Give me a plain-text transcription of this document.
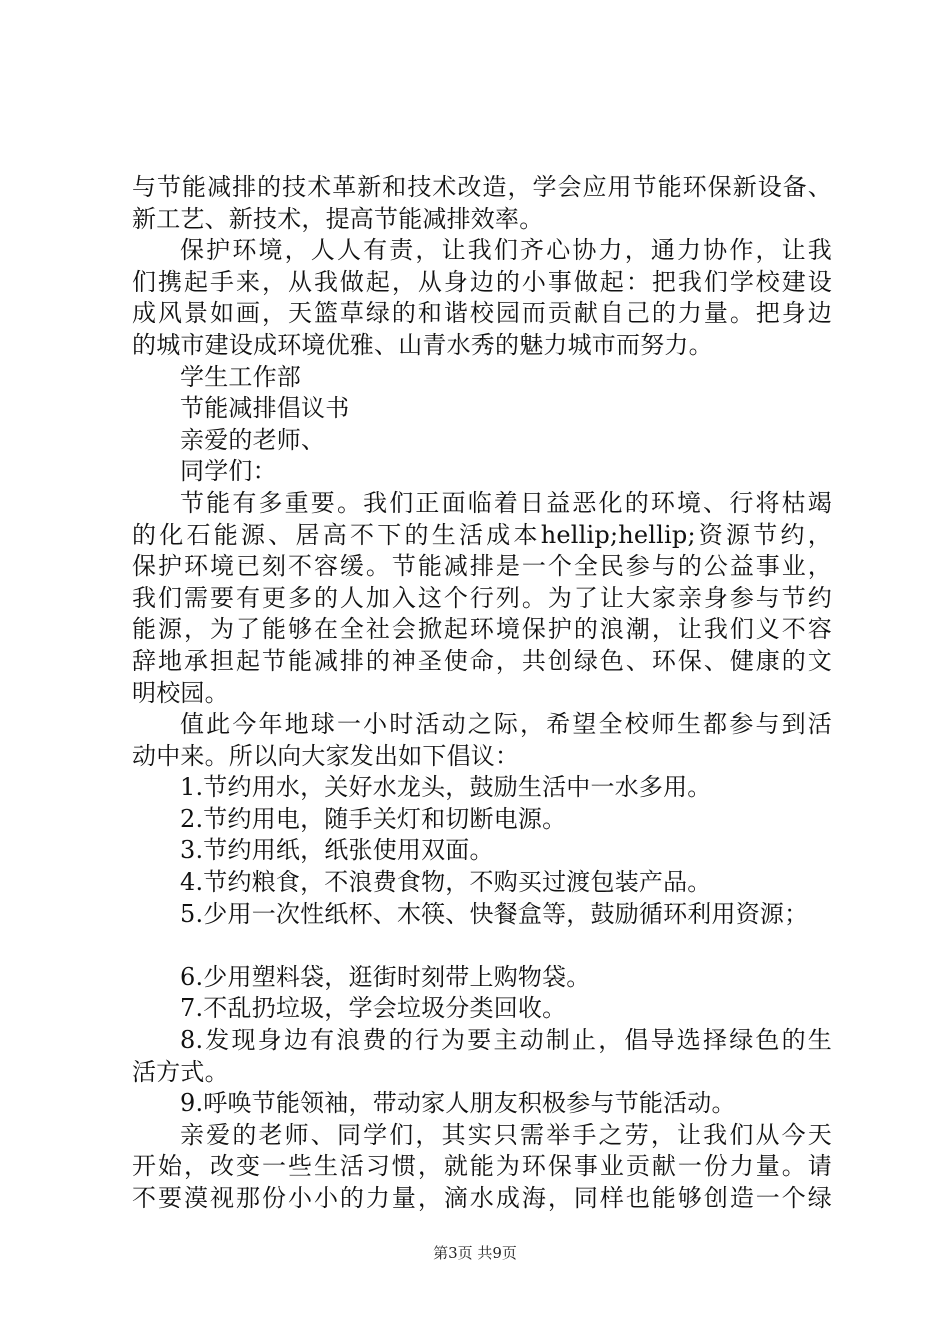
与节能减排的技术革新和技术改造，学会应用节能环保新设备、
新工艺、新技术，提高节能减排效率。
保护环境，人人有责，让我们齐心协力，通力协作，让我
们携起手来，从我做起，从身边的小事做起：把我们学校建设
成风景如画，天篮草绿的和谐校园而贡献自己的力量。把身边
的城市建设成环境优雅、山青水秀的魅力城市而努力。
学生工作部
节能减排倡议书
亲爱的老师、
同学们：
节能有多重要。我们正面临着日益恶化的环境、行将枯竭
的化石能源、居高不下的生活成本hellip;hellip;资源节约，
保护环境已刻不容缓。节能减排是一个全民参与的公益事业，
我们需要有更多的人加入这个行列。为了让大家亲身参与节约
能源，为了能够在全社会掀起环境保护的浪潮，让我们义不容
辞地承担起节能减排的神圣使命，共创绿色、环保、健康的文
明校园。
值此今年地球一小时活动之际，希望全校师生都参与到活
动中来。所以向大家发出如下倡议：
1.节约用水，关好水龙头，鼓励生活中一水多用。
2.节约用电，随手关灯和切断电源。
3.节约用纸，纸张使用双面。
4.节约粮食，不浪费食物，不购买过渡包装产品。
5.少用一次性纸杯、木筷、快餐盒等，鼓励循环利用资源；
6.少用塑料袋，逛街时刻带上购物袋。
7.不乱扔垃圾，学会垃圾分类回收。
8.发现身边有浪费的行为要主动制止，倡导选择绿色的生
活方式。
9.呼唤节能领袖，带动家人朋友积极参与节能活动。
亲爱的老师、同学们，其实只需举手之劳，让我们从今天
开始，改变一些生活习惯，就能为环保事业贡献一份力量。请
不要漠视那份小小的力量，滴水成海，同样也能够创造一个绿
第3页 共9页
